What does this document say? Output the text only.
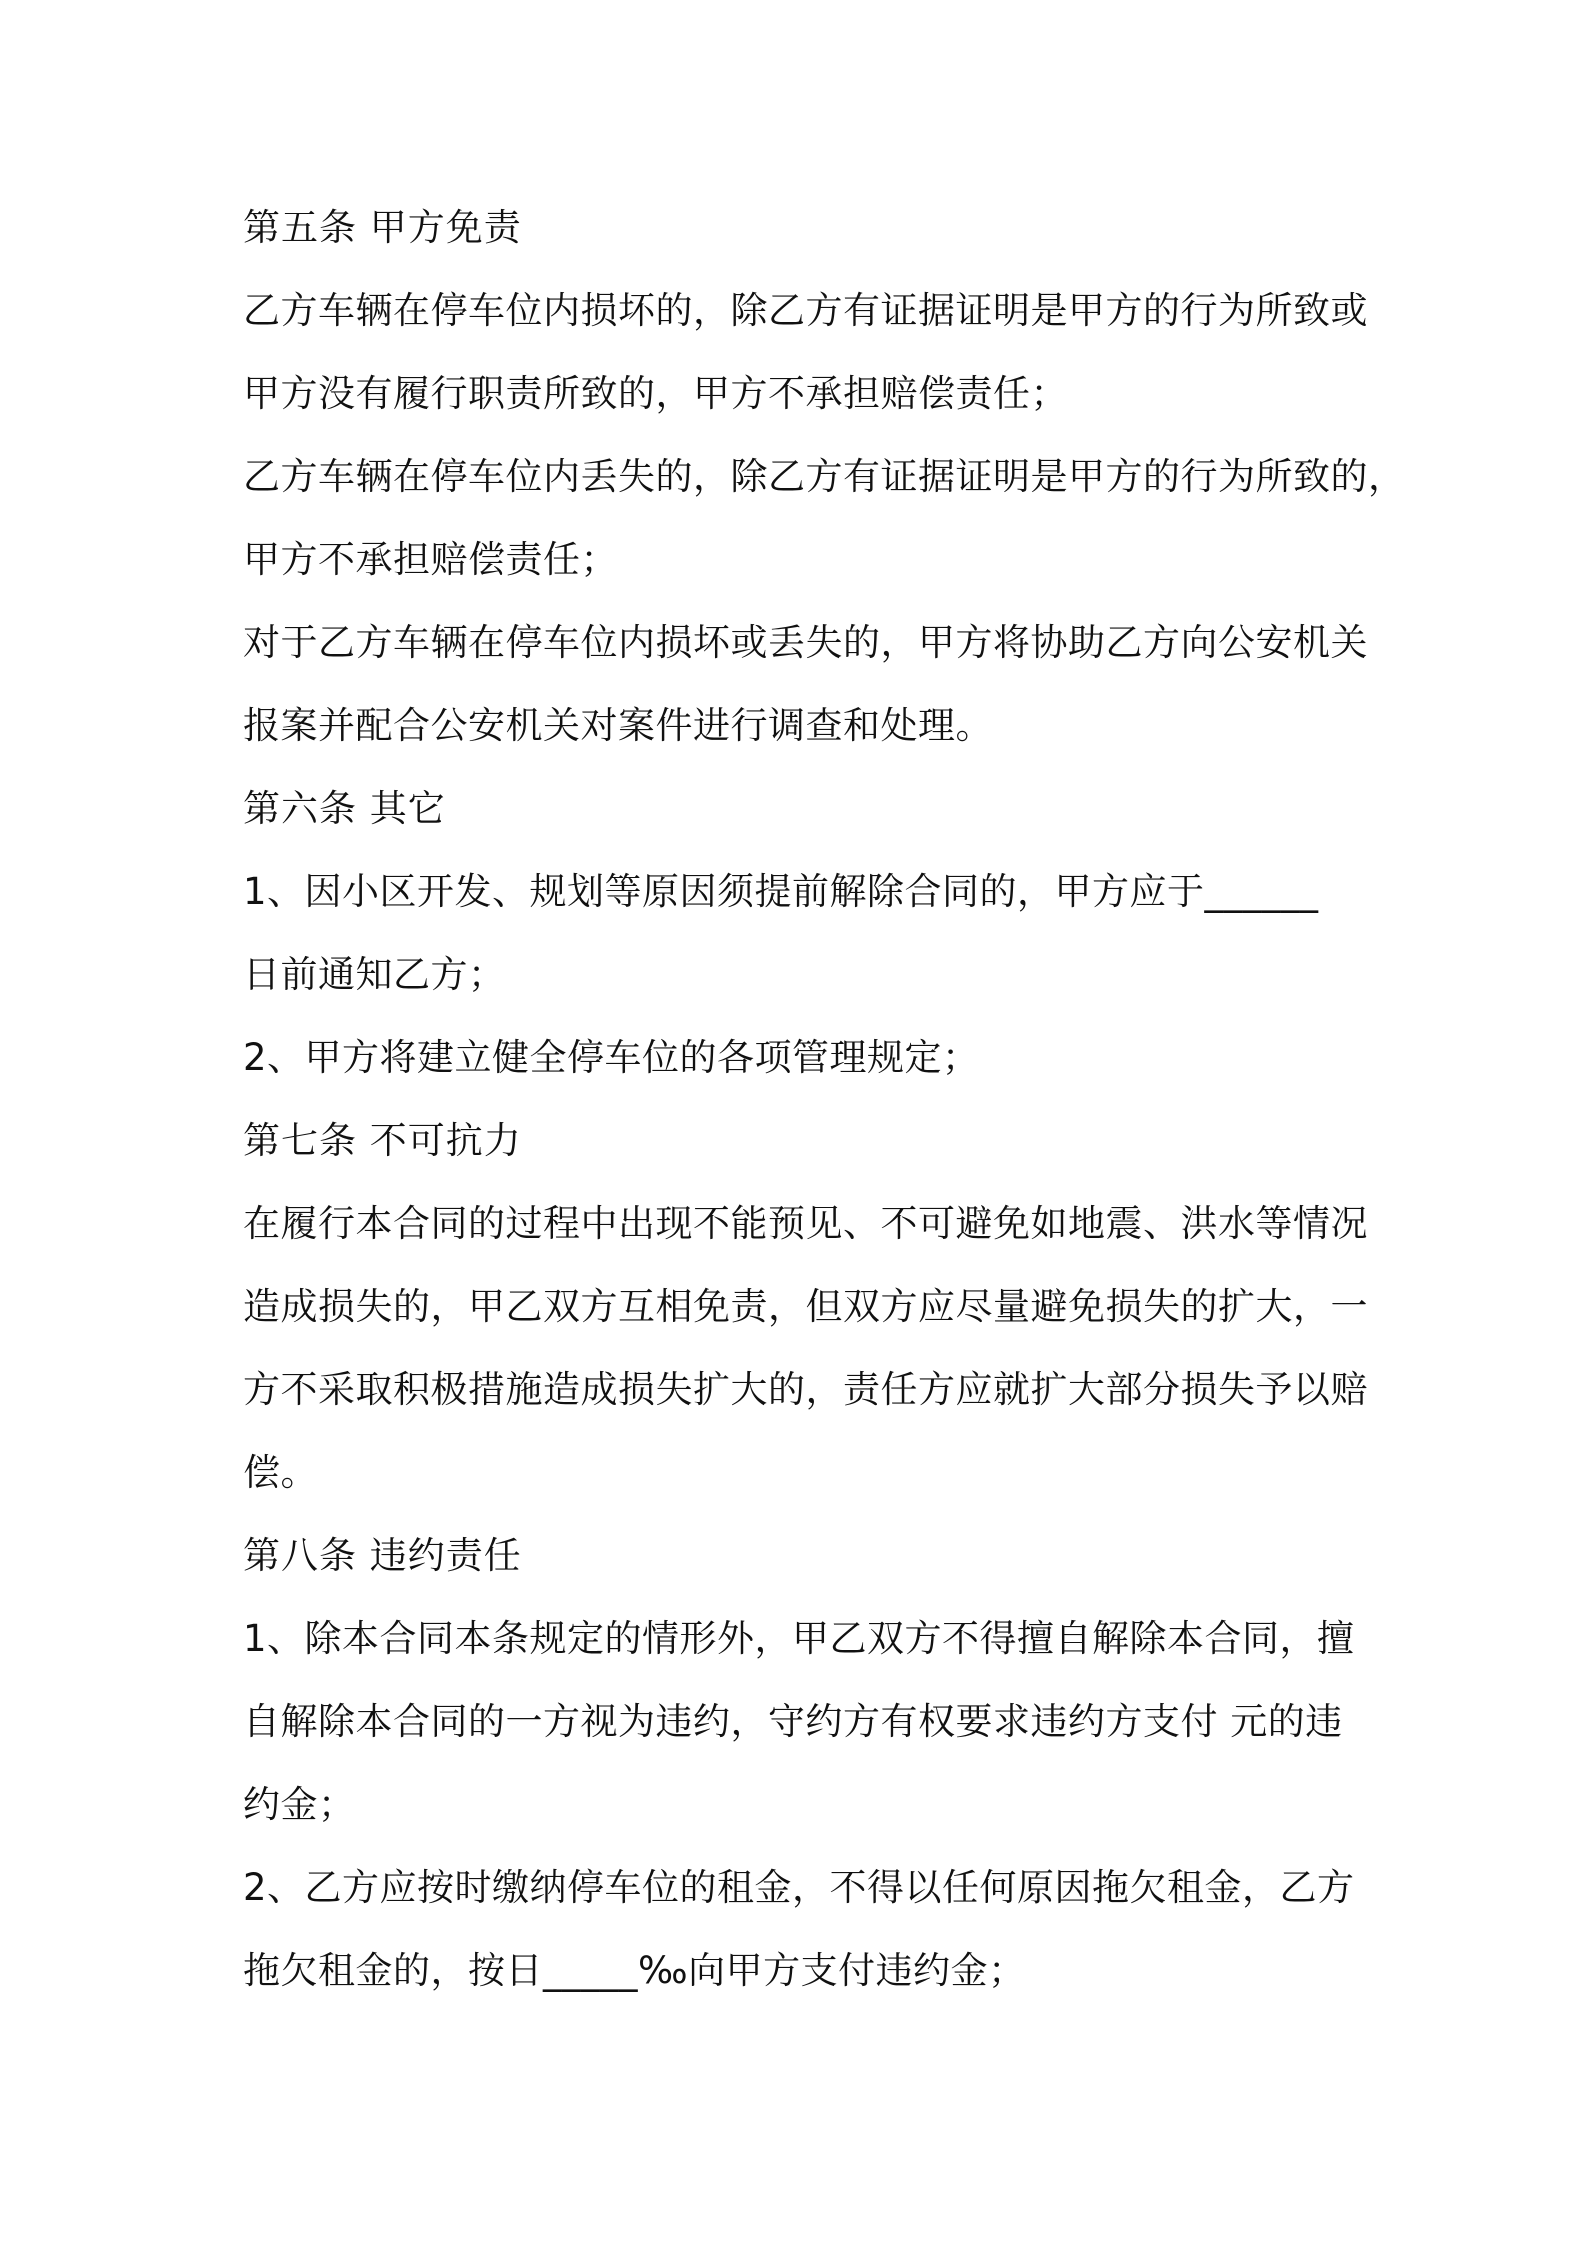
第五条 甲方免责
乙方车辆在停车位内损坏的，除乙方有证据证明是甲方的行为所致或
甲方没有履行职责所致的，甲方不承担赔偿责任；
乙方车辆在停车位内丢失的，除乙方有证据证明是甲方的行为所致的，
甲方不承担赔偿责任；
对于乙方车辆在停车位内损坏或丢失的，甲方将协助乙方向公安机关
报案并配合公安机关对案件进行调查和处理。
第六条 其它
1、因小区开发、规划等原因须提前解除合同的，甲方应于______
日前通知乙方；
2、甲方将建立健全停车位的各项管理规定；
第七条 不可抗力
在履行本合同的过程中出现不能预见、不可避免如地震、洪水等情况
造成损失的，甲乙双方互相免责，但双方应尽量避免损失的扩大，一
方不采取积极措施造成损失扩大的，责任方应就扩大部分损失予以赔
偿。
第八条 违约责任
1、除本合同本条规定的情形外，甲乙双方不得擅自解除本合同，擅
自解除本合同的一方视为违约，守约方有权要求违约方支付 元的违
约金；
2、乙方应按时缴纳停车位的租金，不得以任何原因拖欠租金，乙方
拖欠租金的，按日_____‰向甲方支付违约金；
